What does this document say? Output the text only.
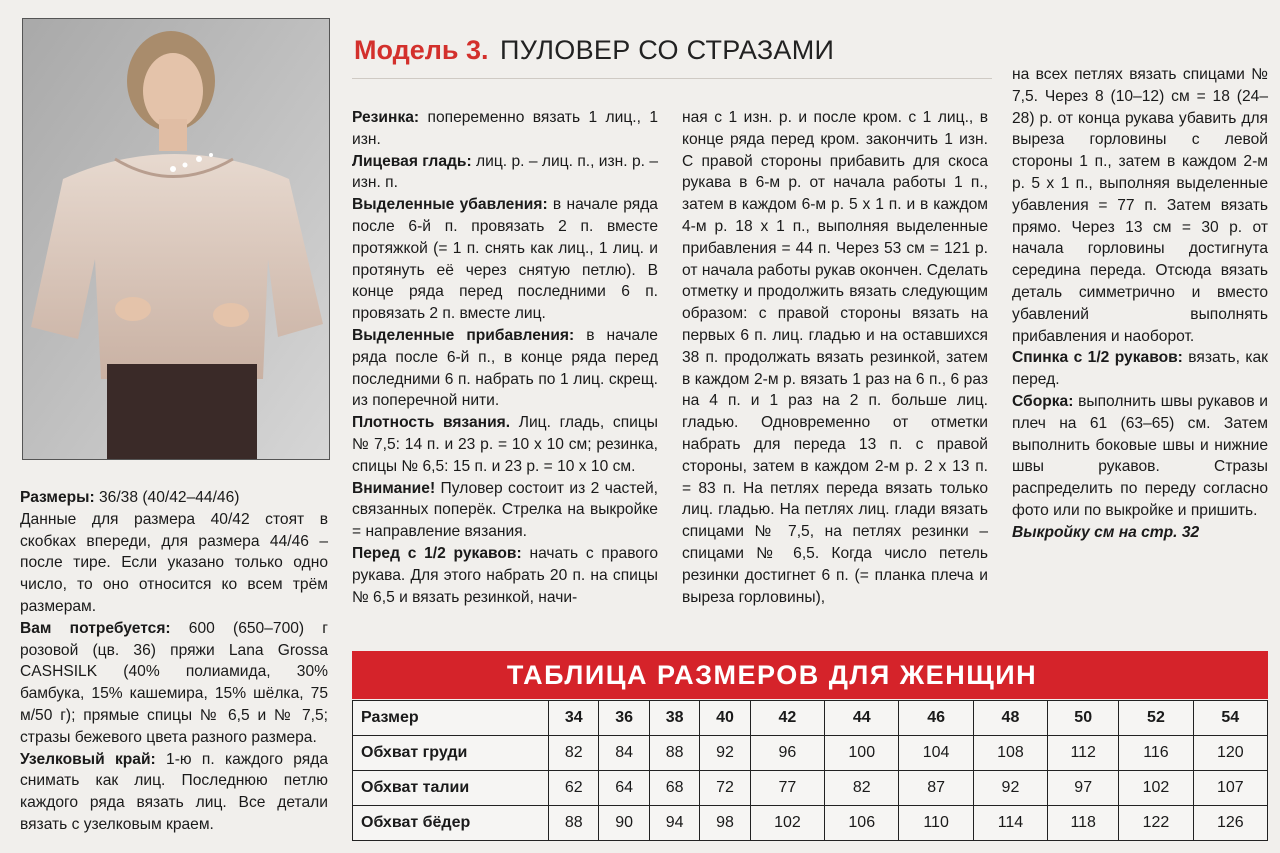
Модель 3. ПУЛОВЕР СО СТРАЗАМИ

Размеры: 36/38 (40/42–44/46)

Данные для размера 40/42 стоят в скобках впереди, для размера 44/46 – после тире. Если указано только одно число, то оно относится ко всем трём размерам.

Вам потребуется: 600 (650–700) г розовой (цв. 36) пряжи Lana Grossa CASHSILK (40% полиамида, 30% бамбука, 15% кашемира, 15% шёлка, 75 м/50 г); прямые спицы № 6,5 и № 7,5; стразы бежевого цвета разного размера.

Узелковый край: 1-ю п. каждого ряда снимать как лиц. Последнюю петлю каждого ряда вязать лиц. Все детали вязать с узелковым краем.

Резинка: попеременно вязать 1 лиц., 1 изн.

Лицевая гладь: лиц. р. – лиц. п., изн. р. – изн. п.

Выделенные убавления: в начале ряда после 6-й п. провязать 2 п. вместе протяжкой (= 1 п. снять как лиц., 1 лиц. и протянуть её через снятую петлю). В конце ряда перед последними 6 п. провязать 2 п. вместе лиц.

Выделенные прибавления: в начале ряда после 6-й п., в конце ряда перед последними 6 п. набрать по 1 лиц. скрещ. из поперечной нити.

Плотность вязания. Лиц. гладь, спицы № 7,5: 14 п. и 23 р. = 10 х 10 см; резинка, спицы № 6,5: 15 п. и 23 р. = 10 х 10 см.

Внимание! Пуловер состоит из 2 частей, связанных поперёк. Стрелка на выкройке = направление вязания.

Перед с 1/2 рукавов: начать с правого рукава. Для этого набрать 20 п. на спицы № 6,5 и вязать резинкой, начи-

ная с 1 изн. р. и после кром. с 1 лиц., в конце ряда перед кром. закончить 1 изн. С правой стороны прибавить для скоса рукава в 6-м р. от начала работы 1 п., затем в каждом 6-м р. 5 х 1 п. и в каждом 4-м р. 18 х 1 п., выполняя выделенные прибавления = 44 п. Через 53 см = 121 р. от начала работы рукав окончен. Сделать отметку и продолжить вязать следующим образом: с правой стороны вязать на первых 6 п. лиц. гладью и на оставшихся 38 п. продолжать вязать резинкой, затем в каждом 2-м р. вязать 1 раз на 6 п., 6 раз на 4 п. и 1 раз на 2 п. больше лиц. гладью. Одновременно от отметки набрать для переда 13 п. с правой стороны, затем в каждом 2-м р. 2 х 13 п. = 83 п. На петлях переда вязать только лиц. гладью. На петлях лиц. глади вязать спицами № 7,5, на петлях резинки – спицами № 6,5. Когда число петель резинки достигнет 6 п. (= планка плеча и выреза горловины),

на всех петлях вязать спицами № 7,5. Через 8 (10–12) см = 18 (24– 28) р. от конца рукава убавить для выреза горловины с левой стороны 1 п., затем в каждом 2-м р. 5 х 1 п., выполняя выделенные убавления = 77 п. Затем вязать прямо. Через 13 см = 30 р. от начала горловины достигнута середина переда. Отсюда вязать деталь симметрично и вместо убавлений выполнять прибавления и наоборот.

Спинка с 1/2 рукавов: вязать, как перед.

Сборка: выполнить швы рукавов и плеч на 61 (63–65) см. Затем выполнить боковые швы и нижние швы рукавов. Стразы распределить по переду согласно фото или по выкройке и пришить.

Выкройку см на стр. 32

ТАБЛИЦА РАЗМЕРОВ ДЛЯ ЖЕНЩИН
Размер	34	36	38	40	42	44	46	48	50	52	54
Обхват груди	82	84	88	92	96	100	104	108	112	116	120
Обхват талии	62	64	68	72	77	82	87	92	97	102	107
Обхват бёдер	88	90	94	98	102	106	110	114	118	122	126
